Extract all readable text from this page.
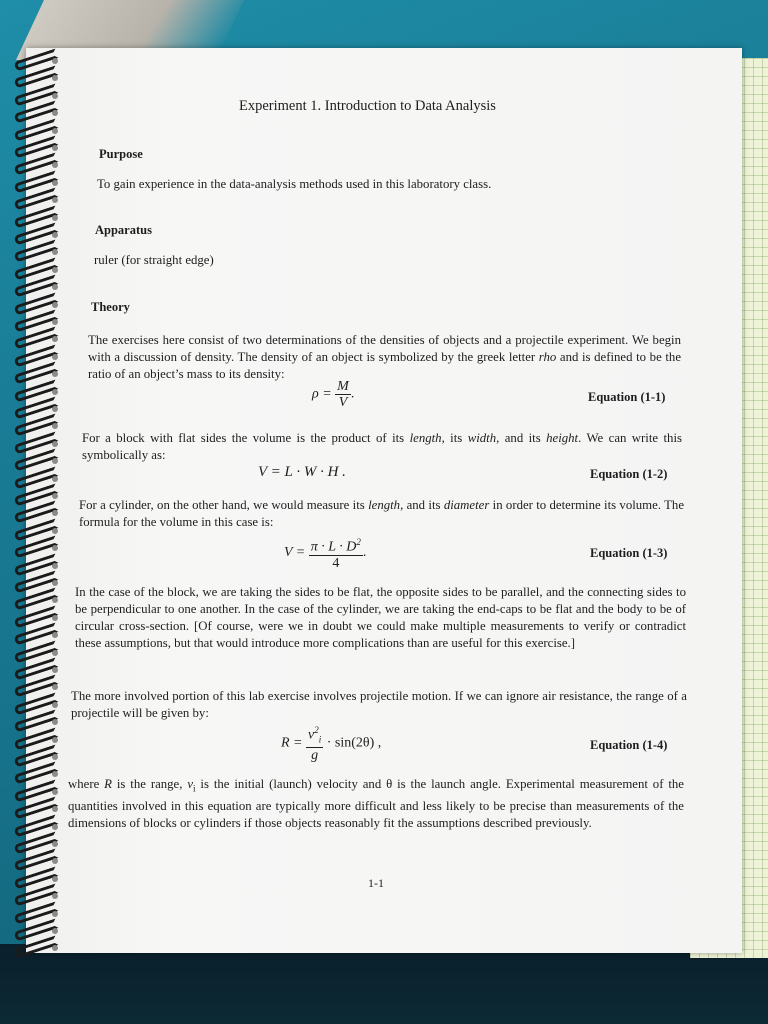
Experiment 1. Introduction to Data Analysis
Purpose
To gain experience in the data-analysis methods used in this laboratory class.
Apparatus
ruler (for straight edge)
Theory
The exercises here consist of two determinations of the densities of objects and a projectile experiment. We begin with a discussion of density. The density of an object is symbolized by the greek letter rho and is defined to be the ratio of an object’s mass to its density:
$\rho = \frac{M}{V}$ .	Equation (1-1)
For a block with flat sides the volume is the product of its length, its width, and its height. We can write this symbolically as:
V = L · W · H .	Equation (1-2)
For a cylinder, on the other hand, we would measure its length, and its diameter in order to determine its volume. The formula for the volume in this case is:
$V = \frac{\pi \cdot L \cdot D^2}{4}$ .	Equation (1-3)
In the case of the block, we are taking the sides to be flat, the opposite sides to be parallel, and the connecting sides to be perpendicular to one another. In the case of the cylinder, we are taking the end-caps to be flat and the body to be of circular cross-section. [Of course, were we in doubt we could make multiple measurements to verify or contradict these assumptions, but that would introduce more complications than are useful for this exercise.]
The more involved portion of this lab exercise involves projectile motion. If we can ignore air resistance, the range of a projectile will be given by:
$R = \frac{v^2_i}{g} \cdot \sin(2\theta)$ ,	Equation (1-4)
where R is the range, $v_i$ is the initial (launch) velocity and θ is the launch angle. Experimental measurement of the quantities involved in this equation are typically more difficult and less likely to be precise than measurements of the dimensions of blocks or cylinders if those objects reasonably fit the assumptions described previously.
1-1
